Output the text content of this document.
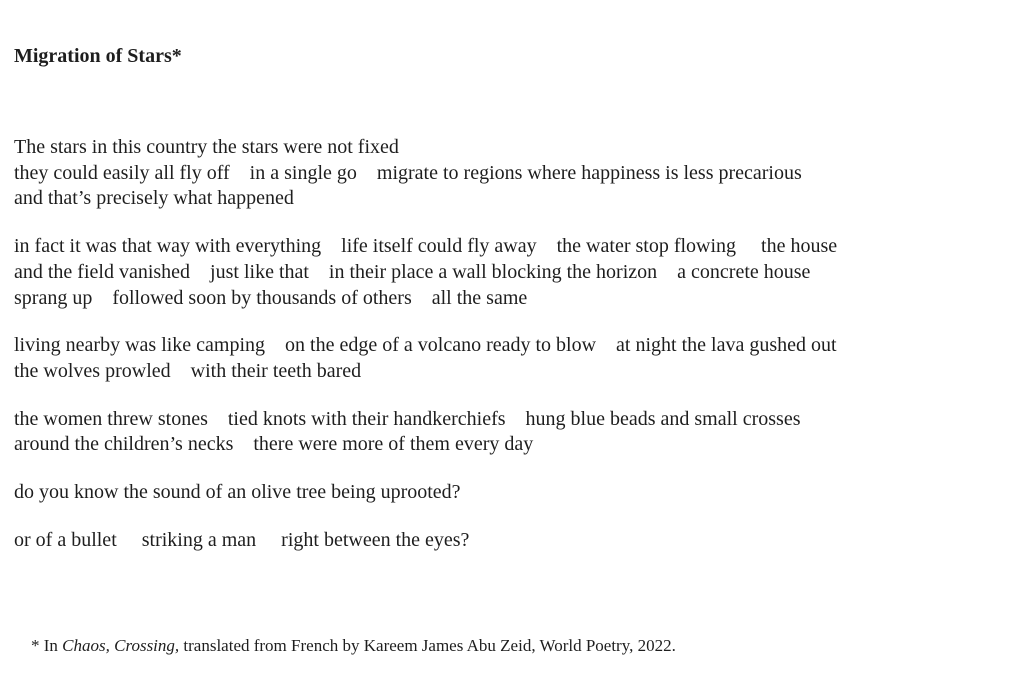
Migration of Stars*
The stars in this country the stars were not fixed
they could easily all fly off    in a single go    migrate to regions where happiness is less precarious
and that’s precisely what happened
in fact it was that way with everything    life itself could fly away    the water stop flowing     the house
and the field vanished    just like that    in their place a wall blocking the horizon    a concrete house
sprang up    followed soon by thousands of others    all the same
living nearby was like camping    on the edge of a volcano ready to blow    at night the lava gushed out
the wolves prowled    with their teeth bared
the women threw stones    tied knots with their handkerchiefs    hung blue beads and small crosses
around the children’s necks    there were more of them every day
do you know the sound of an olive tree being uprooted?
or of a bullet     striking a man     right between the eyes?

* In Chaos, Crossing, translated from French by Kareem James Abu Zeid, World Poetry, 2022.
